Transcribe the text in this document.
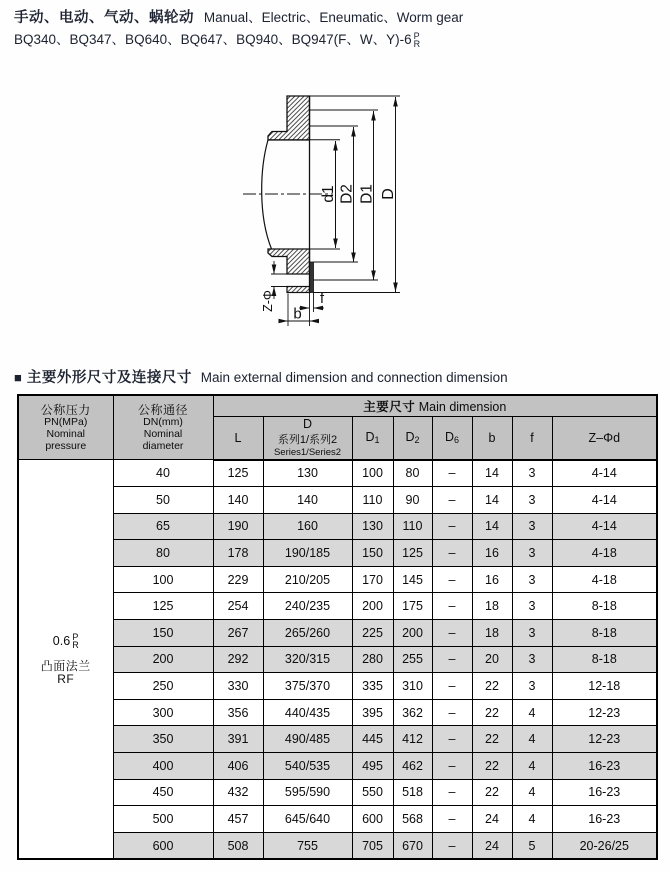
手动、电动、气动、蜗轮动 Manual、Electric、Eneumatic、Worm gear
BQ340、BQ347、BQ640、BQ647、BQ940、BQ947(F、W、Y)-6 P
R
d1 D2 D1 D
Z-Φ	f
b
■ 主要外形尺寸及连接尺寸 Main external dimension and connection dimension
公称压力
PN(MPa)
Nominal
pressure

公称通径
DN(mm)
Nominal
diameter
	主要尺寸 Main dimension
		L	D
系列1/系列2
Series1/Series2	$D_1$	$D_2$	$D_6$	b	f	Z–Φd

0.6 P
R
凸面法兰
RF	40	125	130	100	80	–	14	3	4-14
	50	140	140	110	90	–	14	3	4-14
	65	190	160	130	110	–	14	3	4-14
	80	178	190/185	150	125	–	16	3	4-18
	100	229	210/205	170	145	–	16	3	4-18
	125	254	240/235	200	175	–	18	3	8-18
	150	267	265/260	225	200	–	18	3	8-18
	200	292	320/315	280	255	–	20	3	8-18
	250	330	375/370	335	310	–	22	3	12-18
	300	356	440/435	395	362	–	22	4	12-23
	350	391	490/485	445	412	–	22	4	12-23
	400	406	540/535	495	462	–	22	4	16-23
	450	432	595/590	550	518	–	22	4	16-23
	500	457	645/640	600	568	–	24	4	16-23
	600	508	755	705	670	–	24	5	20-26/25
